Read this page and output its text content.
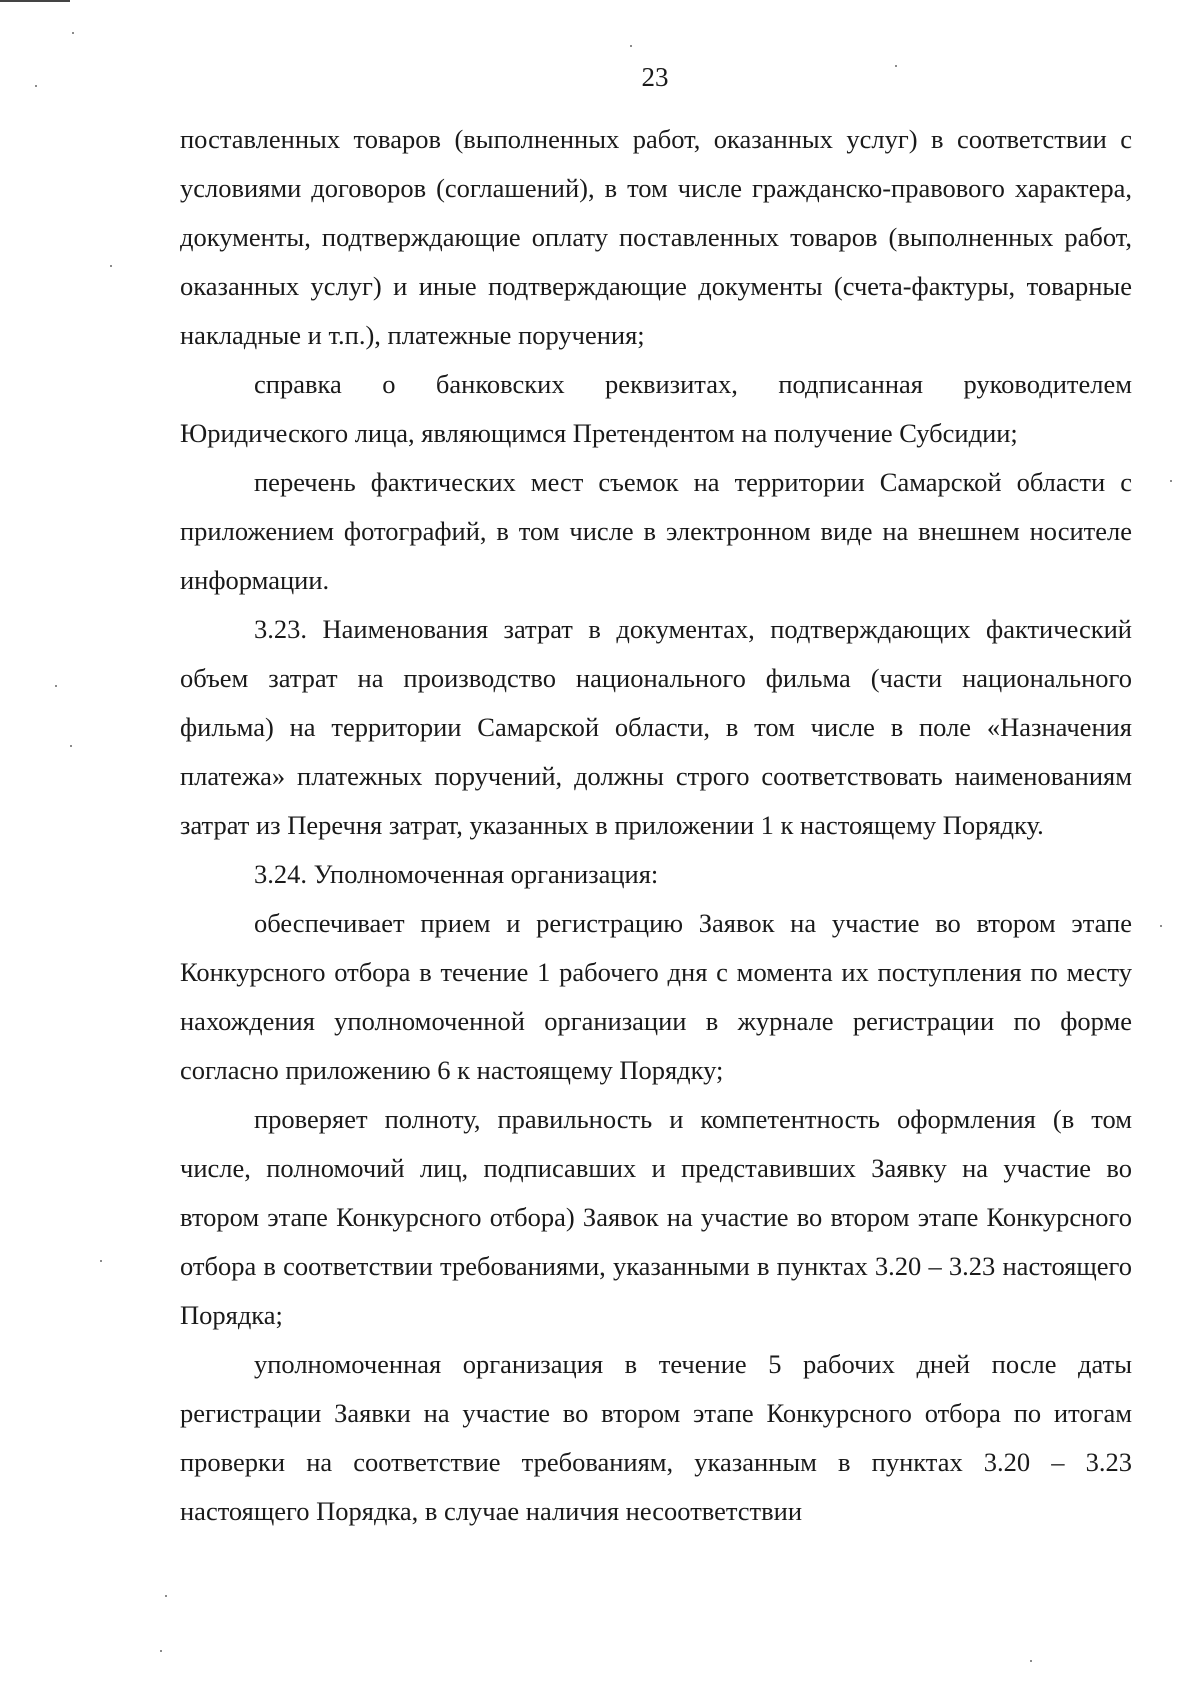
23

поставленных товаров (выполненных работ, оказанных услуг) в соответствии с условиями договоров (соглашений), в том числе гражданско-правового характера, документы, подтверждающие оплату поставленных товаров (выполненных работ, оказанных услуг) и иные подтверждающие документы (счета-фактуры, товарные накладные и т.п.), платежные поручения;

справка о банковских реквизитах, подписанная руководителем Юридического лица, являющимся Претендентом на получение Субсидии;

перечень фактических мест съемок на территории Самарской области с приложением фотографий, в том числе в электронном виде на внешнем носителе информации.

3.23. Наименования затрат в документах, подтверждающих фактический объем затрат на производство национального фильма (части национального фильма) на территории Самарской области, в том числе в поле «Назначения платежа» платежных поручений, должны строго соответствовать наименованиям затрат из Перечня затрат, указанных в приложении 1 к настоящему Порядку.

3.24. Уполномоченная организация:

обеспечивает прием и регистрацию Заявок на участие во втором этапе Конкурсного отбора в течение 1 рабочего дня с момента их поступления по месту нахождения уполномоченной организации в журнале регистрации по форме согласно приложению 6 к настоящему Порядку;

проверяет полноту, правильность и компетентность оформления (в том числе, полномочий лиц, подписавших и представивших Заявку на участие во втором этапе Конкурсного отбора) Заявок на участие во втором этапе Конкурсного отбора в соответствии требованиями, указанными в пунктах 3.20 – 3.23 настоящего Порядка;

уполномоченная организация в течение 5 рабочих дней после даты регистрации Заявки на участие во втором этапе Конкурсного отбора по итогам проверки на соответствие требованиям, указанным в пунктах 3.20 – 3.23 настоящего Порядка, в случае наличия несоответствии
